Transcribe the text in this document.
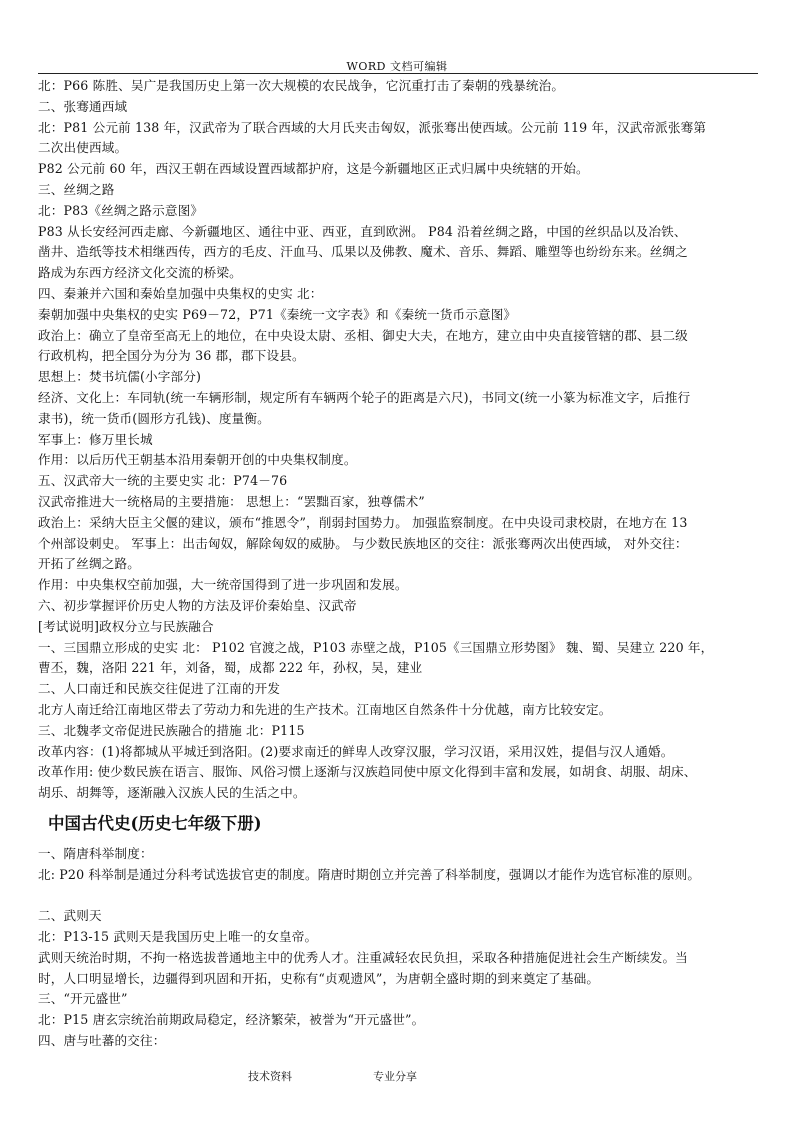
WORD 文档可编辑
北：P66 陈胜、吴广是我国历史上第一次大规模的农民战争，它沉重打击了秦朝的残暴统治。
二、张骞通西域
北：P81 公元前 138 年，汉武帝为了联合西域的大月氏夹击匈奴，派张骞出使西域。公元前 119 年，汉武帝派张骞第
二次出使西域。
P82 公元前 60 年，西汉王朝在西域设置西域都护府，这是今新疆地区正式归属中央统辖的开始。
三、丝绸之路
北：P83《丝绸之路示意图》
P83 从长安经河西走廊、今新疆地区、通往中亚、西亚，直到欧洲。 P84 沿着丝绸之路，中国的丝织品以及冶铁、
凿井、造纸等技术相继西传，西方的毛皮、汗血马、瓜果以及佛教、魔术、音乐、舞蹈、雕塑等也纷纷东来。丝绸之
路成为东西方经济文化交流的桥梁。
四、秦兼并六国和秦始皇加强中央集权的史实 北：
秦朝加强中央集权的史实 P69－72，P71《秦统一文字表》和《秦统一货币示意图》
政治上：确立了皇帝至高无上的地位，在中央设太尉、丞相、御史大夫，在地方，建立由中央直接管辖的郡、县二级
行政机构，把全国分为分为 36 郡，郡下设县。
思想上：焚书坑儒(小字部分)
经济、文化上：车同轨(统一车辆形制，规定所有车辆两个轮子的距离是六尺)，书同文(统一小篆为标准文字，后推行
隶书)，统一货币(圆形方孔钱)、度量衡。
军事上：修万里长城
作用：以后历代王朝基本沿用秦朝开创的中央集权制度。
五、汉武帝大一统的主要史实 北：P74－76
汉武帝推进大一统格局的主要措施： 思想上：“罢黜百家，独尊儒术”
政治上：采纳大臣主父偃的建议，颁布“推恩令”，削弱封国势力。 加强监察制度。在中央设司隶校尉，在地方在 13
个州部设刺史。 军事上：出击匈奴，解除匈奴的威胁。 与少数民族地区的交往：派张骞两次出使西域， 对外交往：
开拓了丝绸之路。
作用：中央集权空前加强，大一统帝国得到了进一步巩固和发展。
六、初步掌握评价历史人物的方法及评价秦始皇、汉武帝
[考试说明]政权分立与民族融合
一、三国鼎立形成的史实 北： P102 官渡之战，P103 赤壁之战，P105《三国鼎立形势图》 魏、蜀、吴建立 220 年，
曹丕，魏，洛阳 221 年，刘备，蜀，成都 222 年，孙权，吴，建业
二、人口南迁和民族交往促进了江南的开发
北方人南迁给江南地区带去了劳动力和先进的生产技术。江南地区自然条件十分优越，南方比较安定。
三、北魏孝文帝促进民族融合的措施 北：P115
改革内容：(1)将都城从平城迁到洛阳。(2)要求南迁的鲜卑人改穿汉服，学习汉语，采用汉姓，提倡与汉人通婚。
改革作用: 使少数民族在语言、服饰、风俗习惯上逐渐与汉族趋同使中原文化得到丰富和发展，如胡食、胡服、胡床、
胡乐、胡舞等，逐渐融入汉族人民的生活之中。
中国古代史(历史七年级下册)
一、隋唐科举制度：
北: P20 科举制是通过分科考试选拔官吏的制度。隋唐时期创立并完善了科举制度，强调以才能作为选官标准的原则。
二、武则天
北：P13-15 武则天是我国历史上唯一的女皇帝。
武则天统治时期，不拘一格选拔普通地主中的优秀人才。注重减轻农民负担，采取各种措施促进社会生产断续发。当
时，人口明显增长，边疆得到巩固和开拓，史称有“贞观遗风”，为唐朝全盛时期的到来奠定了基础。
三、“开元盛世”
北：P15 唐玄宗统治前期政局稳定，经济繁荣，被誉为“开元盛世”。
四、唐与吐蕃的交往：
技术资料	专业分享
